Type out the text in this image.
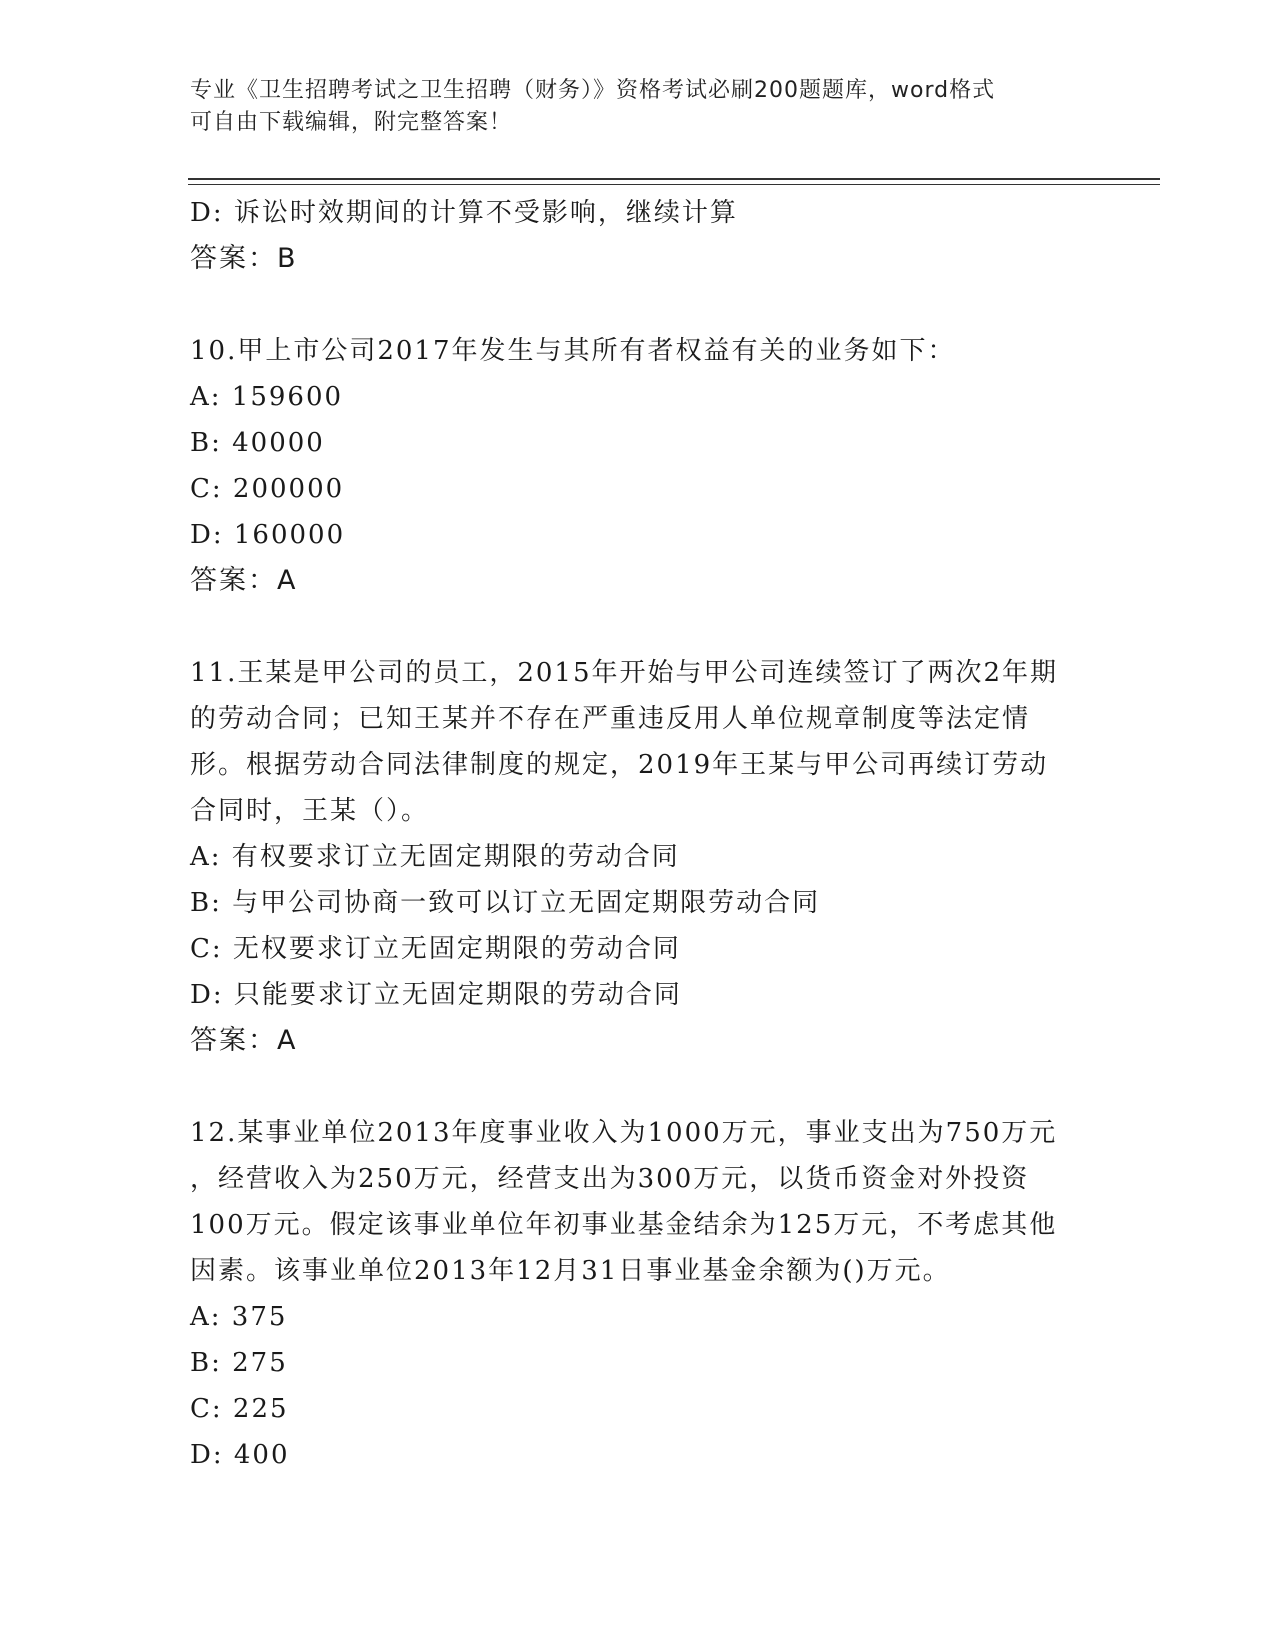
专业《卫生招聘考试之卫生招聘（财务）》资格考试必刷200题题库，word格式
可自由下载编辑，附完整答案！
D: 诉讼时效期间的计算不受影响，继续计算
答案：B
10.甲上市公司2017年发生与其所有者权益有关的业务如下：
A: 159600
B: 40000
C: 200000
D: 160000
答案：A
11.王某是甲公司的员工，2015年开始与甲公司连续签订了两次2年期
的劳动合同；已知王某并不存在严重违反用人单位规章制度等法定情
形。根据劳动合同法律制度的规定，2019年王某与甲公司再续订劳动
合同时，王某（）。
A: 有权要求订立无固定期限的劳动合同
B: 与甲公司协商一致可以订立无固定期限劳动合同
C: 无权要求订立无固定期限的劳动合同
D: 只能要求订立无固定期限的劳动合同
答案：A
12.某事业单位2013年度事业收入为1000万元，事业支出为750万元
，经营收入为250万元，经营支出为300万元，以货币资金对外投资
100万元。假定该事业单位年初事业基金结余为125万元，不考虑其他
因素。该事业单位2013年12月31日事业基金余额为()万元。
A: 375
B: 275
C: 225
D: 400
